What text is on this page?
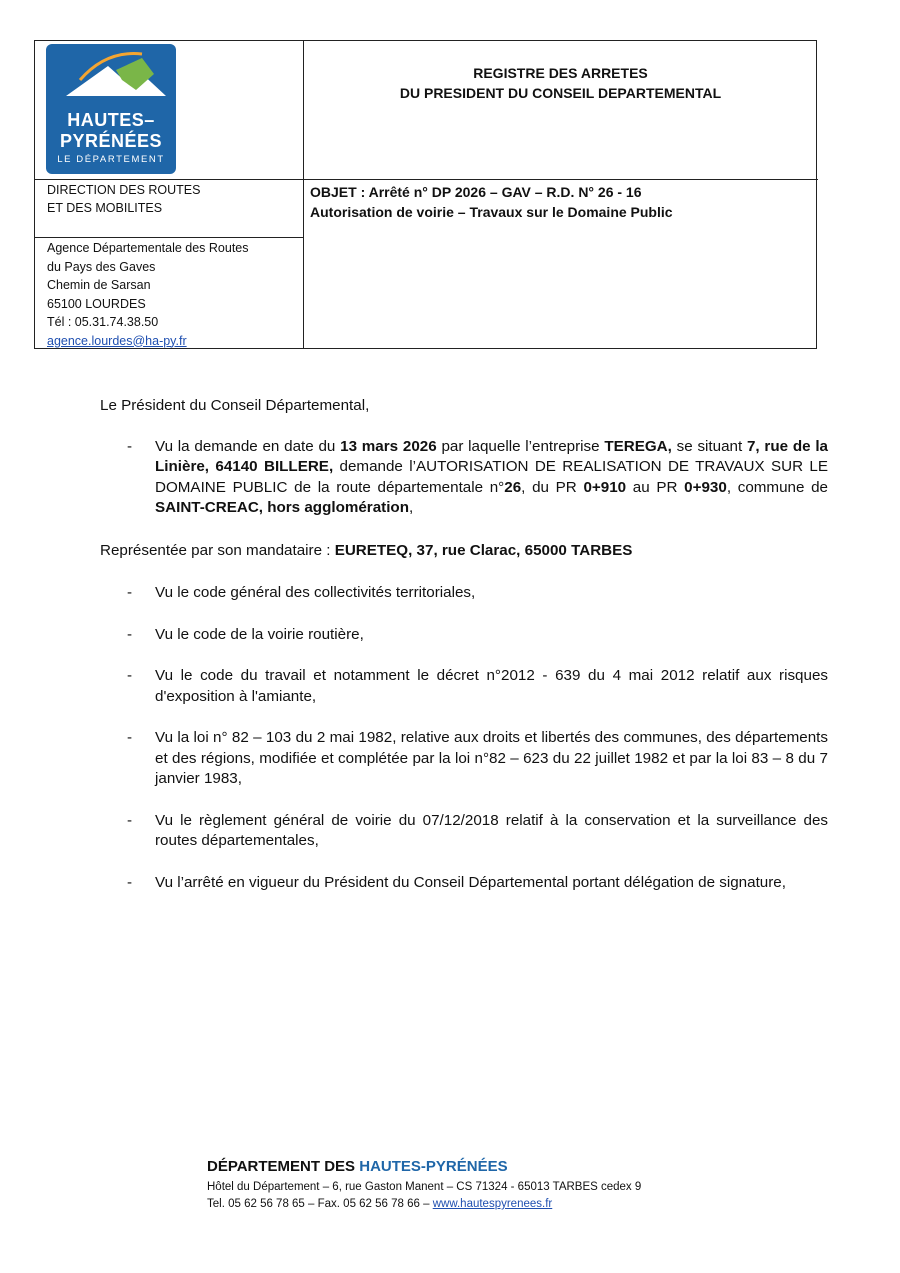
HAUTES–
PYRÉNÉES
LE DÉPARTEMENT
REGISTRE DES ARRETES
DU PRESIDENT DU CONSEIL DEPARTEMENTAL
DIRECTION DES ROUTES
ET DES MOBILITES
OBJET : Arrêté n° DP 2026 – GAV – R.D. N° 26 - 16
Autorisation de voirie – Travaux sur le Domaine Public
Agence Départementale des Routes
du Pays des Gaves
Chemin de Sarsan
65100 LOURDES
Tél : 05.31.74.38.50
agence.lourdes@ha-py.fr

Le Président du Conseil Départemental,

- Vu la demande en date du 13 mars 2026 par laquelle l’entreprise TEREGA, se situant 7, rue de la Linière, 64140 BILLERE, demande l’AUTORISATION DE REALISATION DE TRAVAUX SUR LE DOMAINE PUBLIC de la route départementale n°26, du PR 0+910 au PR 0+930, commune de SAINT-CREAC, hors agglomération,

Représentée par son mandataire : EURETEQ, 37, rue Clarac, 65000 TARBES

- Vu le code général des collectivités territoriales,
- Vu le code de la voirie routière,
- Vu le code du travail et notamment le décret n°2012 - 639 du 4 mai 2012 relatif aux risques d'exposition à l'amiante,
- Vu la loi n° 82 – 103 du 2 mai 1982, relative aux droits et libertés des communes, des départements et des régions, modifiée et complétée par la loi n°82 – 623 du 22 juillet 1982 et par la loi 83 – 8 du 7 janvier 1983,
- Vu le règlement général de voirie du 07/12/2018 relatif à la conservation et la surveillance des routes départementales,
- Vu l’arrêté en vigueur du Président du Conseil Départemental portant délégation de signature,
DÉPARTEMENT DES HAUTES-PYRÉNÉES
Hôtel du Département – 6, rue Gaston Manent – CS 71324 - 65013 TARBES cedex 9
Tel. 05 62 56 78 65 – Fax. 05 62 56 78 66 – www.hautespyrenees.fr
